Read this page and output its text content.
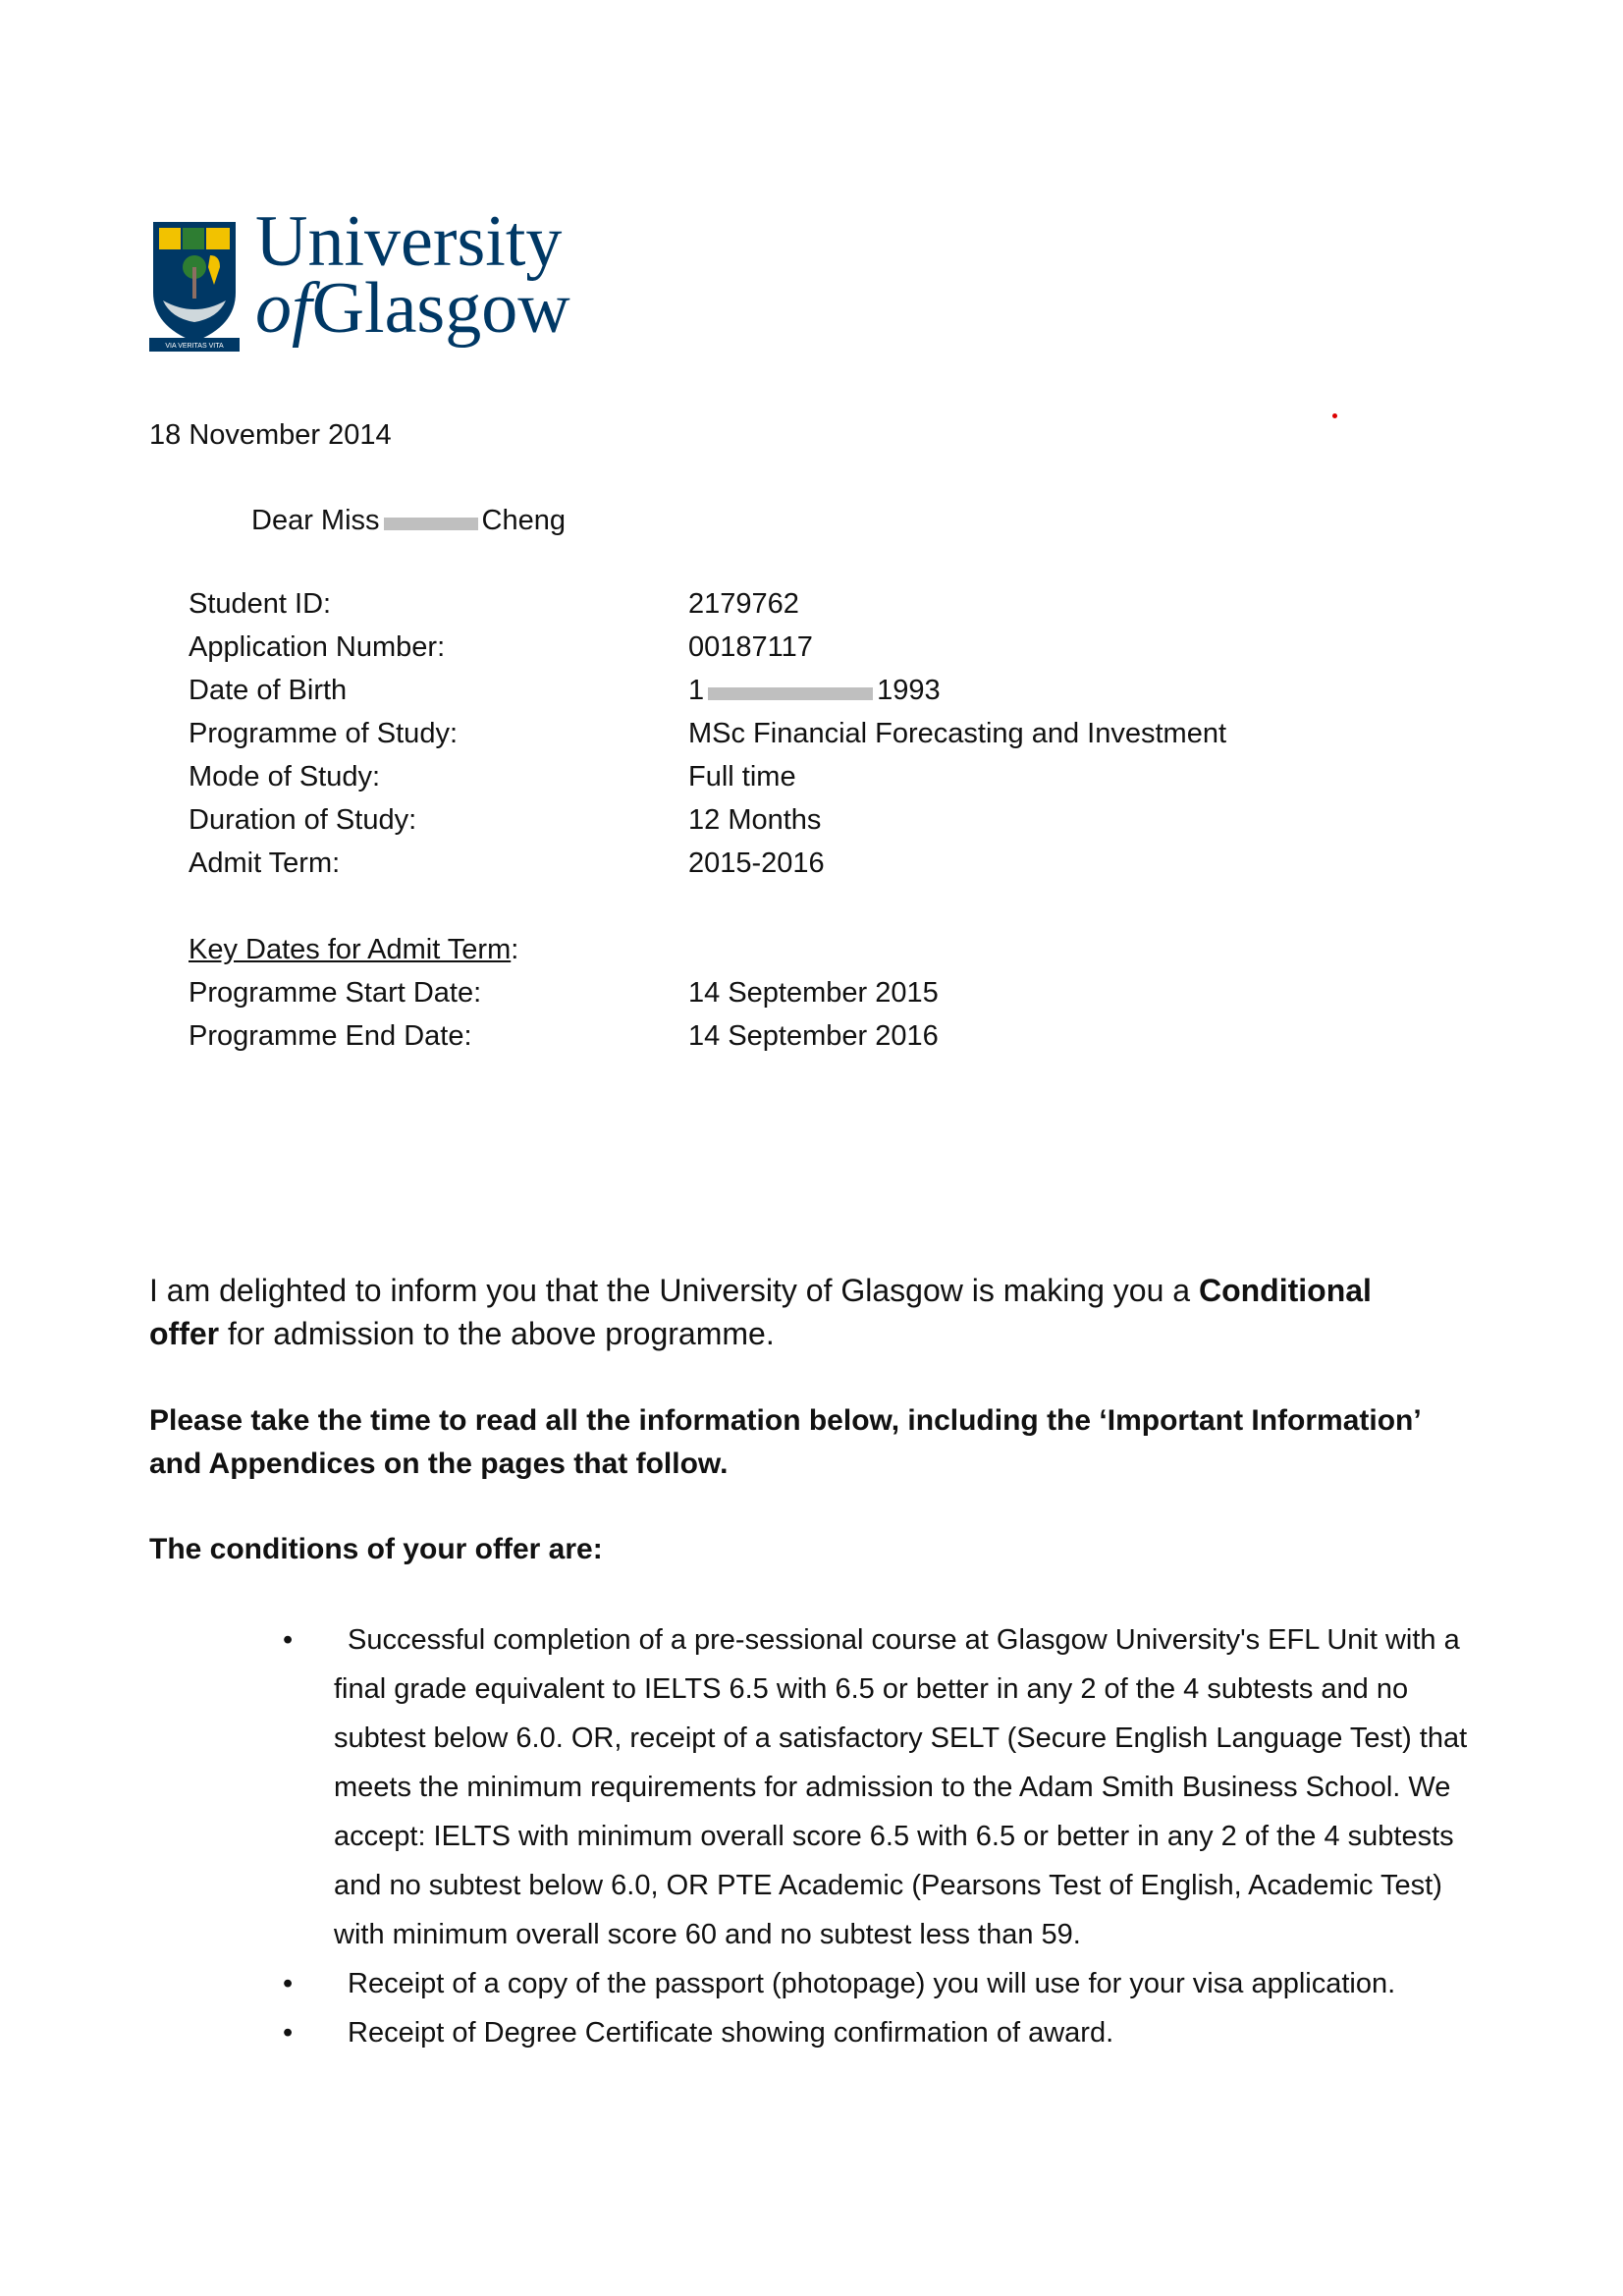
VIA VERITAS VITA
University
ofGlasgow
18 November 2014
Dear Miss	Cheng
Student ID:	2179762
Application Number:	00187117
Date of Birth	1	1993
Programme of Study:	MSc Financial Forecasting and Investment
Mode of Study:	Full time
Duration of Study:	12 Months
Admit Term:	2015-2016
Key Dates for Admit Term:
Programme Start Date:	14 September 2015
Programme End Date:	14 September 2016
I am delighted to inform you that the University of Glasgow is making you a Conditional
offer for admission to the above programme.
Please take the time to read all the information below, including the ‘Important Information’ and Appendices on the pages that follow.
The conditions of your offer are:
•	Successful completion of a pre-sessional course at Glasgow University's EFL Unit with a final grade equivalent to IELTS 6.5 with 6.5 or better in any 2 of the 4 subtests and no subtest below 6.0. OR, receipt of a satisfactory SELT (Secure English Language Test) that meets the minimum requirements for admission to the Adam Smith Business School. We accept: IELTS with minimum overall score 6.5 with 6.5 or better in any 2 of the 4 subtests and no subtest below 6.0, OR PTE Academic (Pearsons Test of English, Academic Test) with minimum overall score 60 and no subtest less than 59.
•	Receipt of a copy of the passport (photopage) you will use for your visa application.
•	Receipt of Degree Certificate showing confirmation of award.
